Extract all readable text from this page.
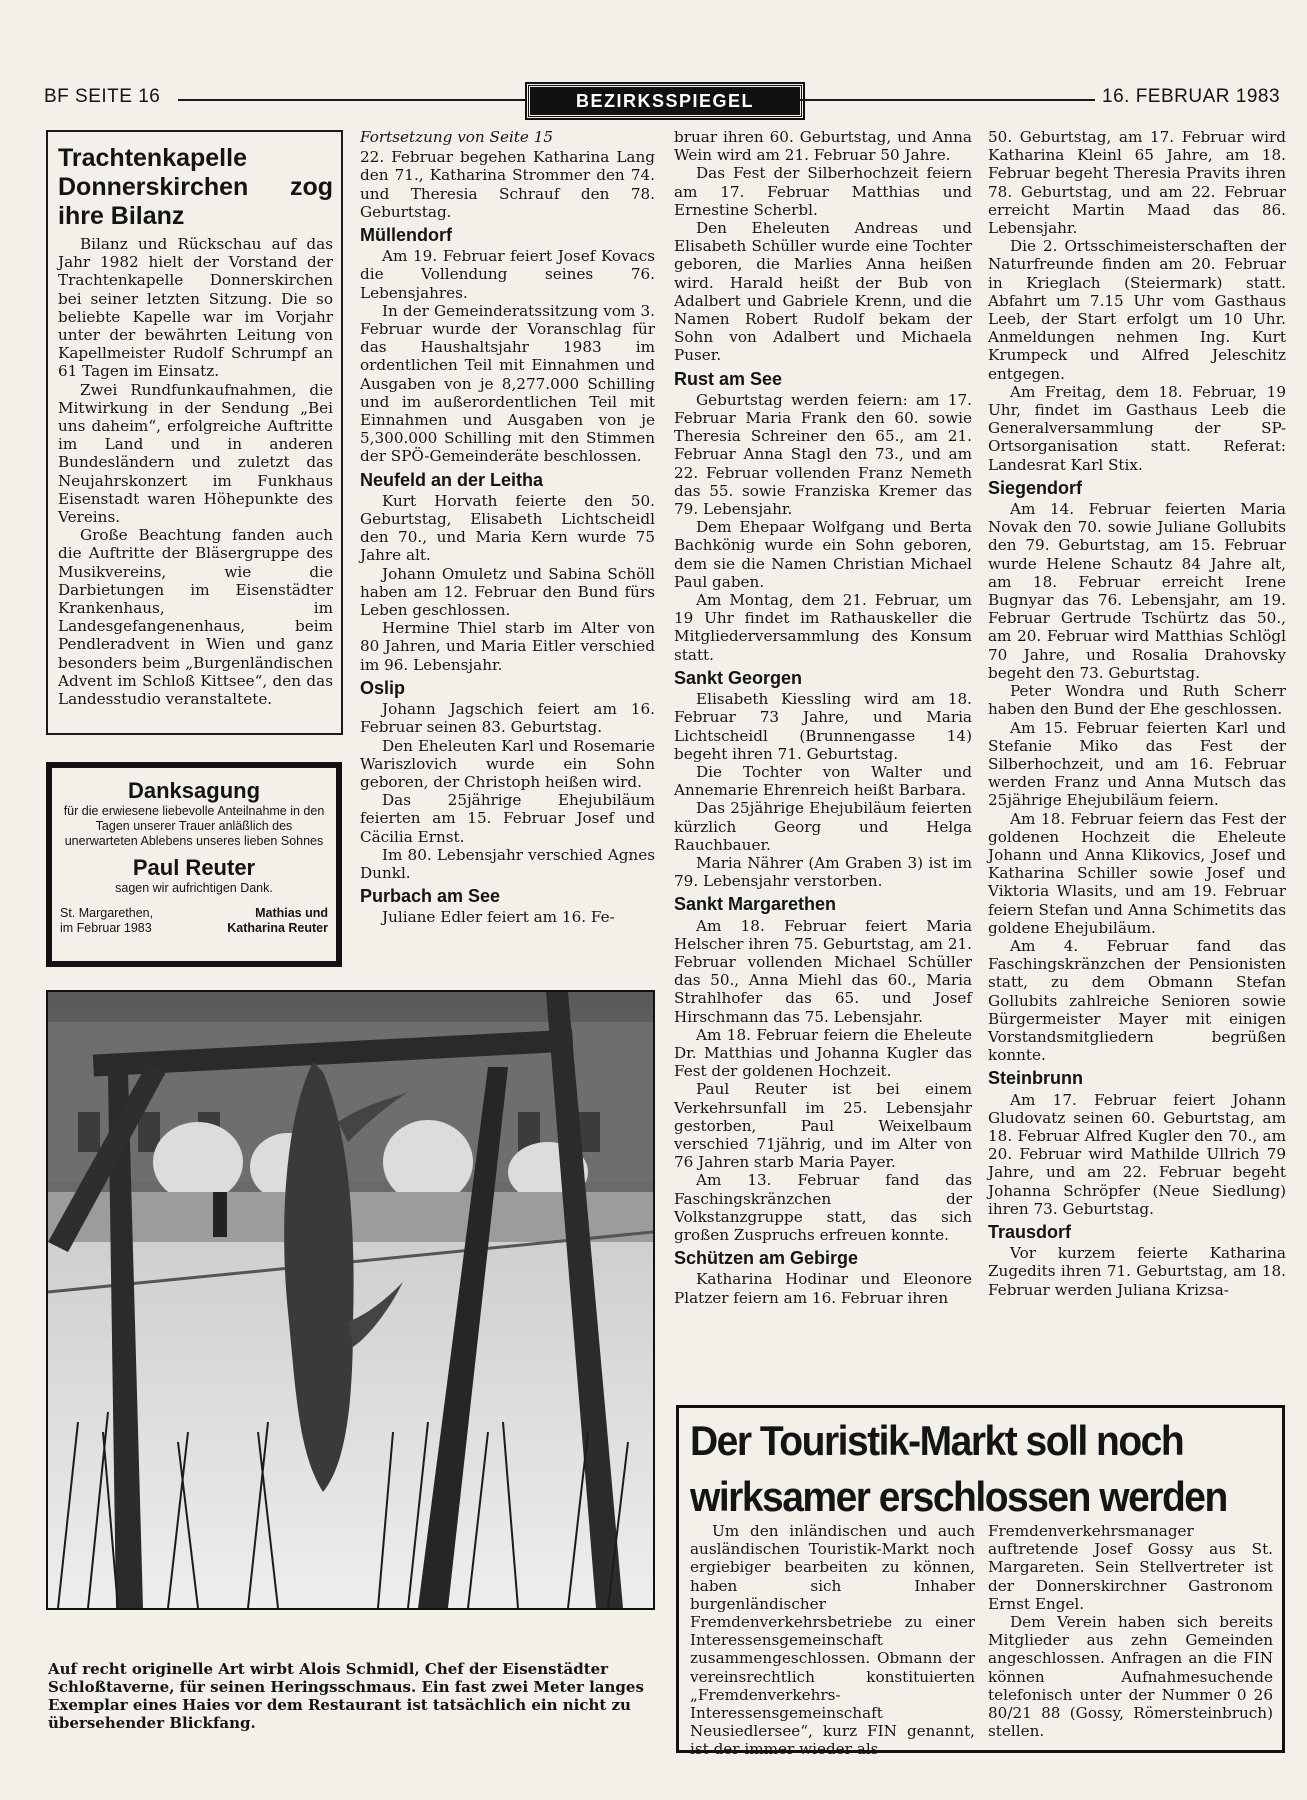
BF SEITE 16	BEZIRKSSPIEGEL	16. FEBRUAR 1983
Trachtenkapelle Donnerskirchen zog ihre Bilanz

Bilanz und Rückschau auf das Jahr 1982 hielt der Vorstand der Trachtenkapelle Donnerskirchen bei seiner letzten Sitzung. Die so beliebte Kapelle war im Vorjahr unter der bewährten Leitung von Kapellmeister Rudolf Schrumpf an 61 Tagen im Einsatz.

Zwei Rundfunkaufnahmen, die Mitwirkung in der Sendung „Bei uns daheim“, erfolgreiche Auftritte im Land und in anderen Bundesländern und zuletzt das Neujahrskonzert im Funkhaus Eisenstadt waren Höhepunkte des Vereins.

Große Beachtung fanden auch die Auftritte der Bläsergruppe des Musikvereins, wie die Darbietungen im Eisenstädter Krankenhaus, im Landesgefangenenhaus, beim Pendleradvent in Wien und ganz besonders beim „Burgenländischen Advent im Schloß Kittsee“, den das Landesstudio veranstaltete.

Danksagung
für die erwiesene liebevolle Anteilnahme in den Tagen unserer Trauer anläßlich des unerwarteten Ablebens unseres lieben Sohnes
Paul Reuter
sagen wir aufrichtigen Dank.
St. Margarethen,
im Februar 1983
Mathias und
Katharina Reuter
Auf recht originelle Art wirbt Alois Schmidl, Chef der Eisenstädter Schloßtaverne, für seinen Heringsschmaus. Ein fast zwei Meter langes Exemplar eines Haies vor dem Restaurant ist tatsächlich ein nicht zu übersehender Blickfang.
Fortsetzung von Seite 15

22. Februar begehen Katharina Lang den 71., Katharina Strommer den 74. und Theresia Schrauf den 78. Geburtstag.

Müllendorf

Am 19. Februar feiert Josef Kovacs die Vollendung seines 76. Lebensjahres.

In der Gemeinderatssitzung vom 3. Februar wurde der Voranschlag für das Haushaltsjahr 1983 im ordentlichen Teil mit Einnahmen und Ausgaben von je 8,277.000 Schilling und im außerordentlichen Teil mit Einnahmen und Ausgaben von je 5,300.000 Schilling mit den Stimmen der SPÖ-Gemeinderäte beschlossen.

Neufeld an der Leitha

Kurt Horvath feierte den 50. Geburtstag, Elisabeth Lichtscheidl den 70., und Maria Kern wurde 75 Jahre alt.

Johann Omuletz und Sabina Schöll haben am 12. Februar den Bund fürs Leben geschlossen.

Hermine Thiel starb im Alter von 80 Jahren, und Maria Eitler verschied im 96. Lebensjahr.

Oslip

Johann Jagschich feiert am 16. Februar seinen 83. Geburtstag.

Den Eheleuten Karl und Rosemarie Wariszlovich wurde ein Sohn geboren, der Christoph heißen wird.

Das 25jährige Ehejubiläum feierten am 15. Februar Josef und Cäcilia Ernst.

Im 80. Lebensjahr verschied Agnes Dunkl.

Purbach am See

Juliane Edler feiert am 16. Fe-

bruar ihren 60. Geburtstag, und Anna Wein wird am 21. Februar 50 Jahre.

Das Fest der Silberhochzeit feiern am 17. Februar Matthias und Ernestine Scherbl.

Den Eheleuten Andreas und Elisabeth Schüller wurde eine Tochter geboren, die Marlies Anna heißen wird. Harald heißt der Bub von Adalbert und Gabriele Krenn, und die Namen Robert Rudolf bekam der Sohn von Adalbert und Michaela Puser.

Rust am See

Geburtstag werden feiern: am 17. Februar Maria Frank den 60. sowie Theresia Schreiner den 65., am 21. Februar Anna Stagl den 73., und am 22. Februar vollenden Franz Nemeth das 55. sowie Franziska Kremer das 79. Lebensjahr.

Dem Ehepaar Wolfgang und Berta Bachkönig wurde ein Sohn geboren, dem sie die Namen Christian Michael Paul gaben.

Am Montag, dem 21. Februar, um 19 Uhr findet im Rathauskeller die Mitgliederversammlung des Konsum statt.

Sankt Georgen

Elisabeth Kiessling wird am 18. Februar 73 Jahre, und Maria Lichtscheidl (Brunnengasse 14) begeht ihren 71. Geburtstag.

Die Tochter von Walter und Annemarie Ehrenreich heißt Barbara.

Das 25jährige Ehejubiläum feierten kürzlich Georg und Helga Rauchbauer.

Maria Nährer (Am Graben 3) ist im 79. Lebensjahr verstorben.

Sankt Margarethen

Am 18. Februar feiert Maria Helscher ihren 75. Geburtstag, am 21. Februar vollenden Michael Schüller das 50., Anna Miehl das 60., Maria Strahlhofer das 65. und Josef Hirschmann das 75. Lebensjahr.

Am 18. Februar feiern die Eheleute Dr. Matthias und Johanna Kugler das Fest der goldenen Hochzeit.

Paul Reuter ist bei einem Verkehrsunfall im 25. Lebensjahr gestorben, Paul Weixelbaum verschied 71jährig, und im Alter von 76 Jahren starb Maria Payer.

Am 13. Februar fand das Faschingskränzchen der Volkstanzgruppe statt, das sich großen Zuspruchs erfreuen konnte.

Schützen am Gebirge

Katharina Hodinar und Eleonore Platzer feiern am 16. Februar ihren

50. Geburtstag, am 17. Februar wird Katharina Kleinl 65 Jahre, am 18. Februar begeht Theresia Pravits ihren 78. Geburtstag, und am 22. Februar erreicht Martin Maad das 86. Lebensjahr.

Die 2. Ortsschimeisterschaften der Naturfreunde finden am 20. Februar in Krieglach (Steiermark) statt. Abfahrt um 7.15 Uhr vom Gasthaus Leeb, der Start erfolgt um 10 Uhr. Anmeldungen nehmen Ing. Kurt Krumpeck und Alfred Jeleschitz entgegen.

Am Freitag, dem 18. Februar, 19 Uhr, findet im Gasthaus Leeb die Generalversammlung der SP-Ortsorganisation statt. Referat: Landesrat Karl Stix.

Siegendorf

Am 14. Februar feierten Maria Novak den 70. sowie Juliane Gollubits den 79. Geburtstag, am 15. Februar wurde Helene Schautz 84 Jahre alt, am 18. Februar erreicht Irene Bugnyar das 76. Lebensjahr, am 19. Februar Gertrude Tschürtz das 50., am 20. Februar wird Matthias Schlögl 70 Jahre, und Rosalia Drahovsky begeht den 73. Geburtstag.

Peter Wondra und Ruth Scherr haben den Bund der Ehe geschlossen.

Am 15. Februar feierten Karl und Stefanie Miko das Fest der Silberhochzeit, und am 16. Februar werden Franz und Anna Mutsch das 25jährige Ehejubiläum feiern.

Am 18. Februar feiern das Fest der goldenen Hochzeit die Eheleute Johann und Anna Klikovics, Josef und Katharina Schiller sowie Josef und Viktoria Wlasits, und am 19. Februar feiern Stefan und Anna Schimetits das goldene Ehejubiläum.

Am 4. Februar fand das Faschingskränzchen der Pensionisten statt, zu dem Obmann Stefan Gollubits zahlreiche Senioren sowie Bürgermeister Mayer mit einigen Vorstandsmitgliedern begrüßen konnte.

Steinbrunn

Am 17. Februar feiert Johann Gludovatz seinen 60. Geburtstag, am 18. Februar Alfred Kugler den 70., am 20. Februar wird Mathilde Ullrich 79 Jahre, und am 22. Februar begeht Johanna Schröpfer (Neue Siedlung) ihren 73. Geburtstag.

Trausdorf

Vor kurzem feierte Katharina Zugedits ihren 71. Geburtstag, am 18. Februar werden Juliana Krizsa-

Der Touristik-Markt soll noch wirksamer erschlossen werden

Um den inländischen und auch ausländischen Touristik-Markt noch ergiebiger bearbeiten zu können, haben sich Inhaber burgenländischer Fremdenverkehrsbetriebe zu einer Interessensgemeinschaft zusammengeschlossen. Obmann der vereinsrechtlich konstituierten „Fremdenverkehrs-Interessensgemeinschaft Neusiedlersee“, kurz FIN genannt, ist der immer wieder als

Fremdenverkehrsmanager auftretende Josef Gossy aus St. Margareten. Sein Stellvertreter ist der Donnerskirchner Gastronom Ernst Engel.

Dem Verein haben sich bereits Mitglieder aus zehn Gemeinden angeschlossen. Anfragen an die FIN können Aufnahmesuchende telefonisch unter der Nummer 0 26 80/21 88 (Gossy, Römersteinbruch) stellen.
